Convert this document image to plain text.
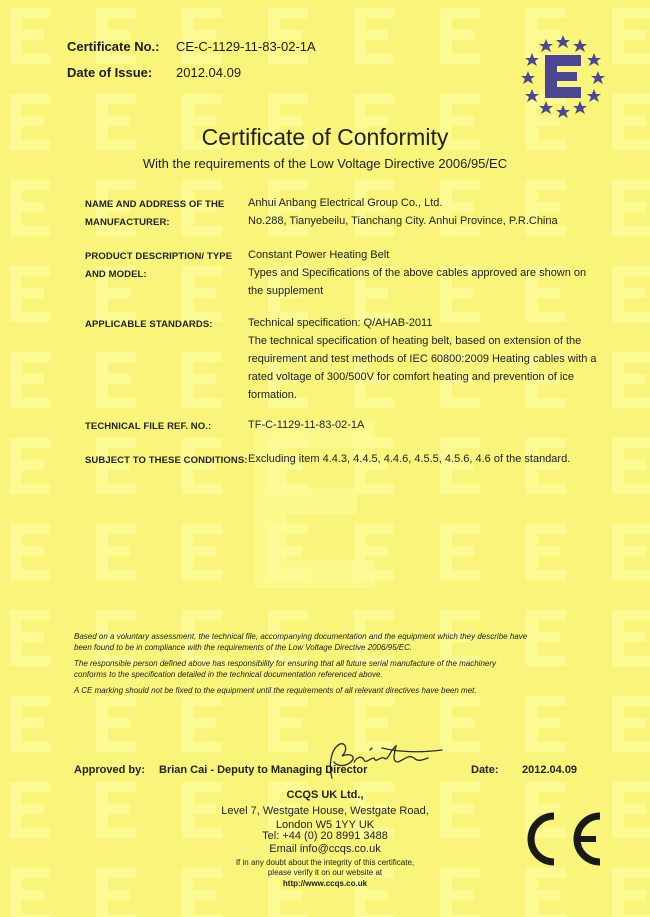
Certificate No.: CE-C-1129-11-83-02-1A
Date of Issue: 2012.04.09
Certificate of Conformity
With the requirements of the Low Voltage Directive 2006/95/EC
NAME AND ADDRESS OF THE
MANUFACTURER:
Anhui Anbang Electrical Group Co., Ltd.
No.288, Tianyebeilu, Tianchang City. Anhui Province, P.R.China
PRODUCT DESCRIPTION/ TYPE
AND MODEL:
Constant Power Heating Belt
Types and Specifications of the above cables approved are shown on
the supplement
APPLICABLE STANDARDS:	Technical specification: Q/AHAB-2011
The technical specification of heating belt, based on extension of the
requirement and test methods of IEC 60800:2009 Heating cables with a
rated voltage of 300/500V for comfort heating and prevention of ice
formation.
TECHNICAL FILE REF. NO.:	TF-C-1129-11-83-02-1A
SUBJECT TO THESE CONDITIONS: Excluding item 4.4.3, 4.4.5, 4.4.6, 4.5.5, 4.5.6, 4.6 of the standard.
Based on a voluntary assessment, the technical file, accompanying documentation and the equipment which they describe have
been found to be in compliance with the requirements of the Low Voltage Directive 2006/95/EC.
The responsible person defined above has responsibility for ensuring that all future serial manufacture of the machinery
conforms to the specification detailed in the technical documentation referenced above.
A CE marking should not be fixed to the equipment until the requirements of all relevant directives have been met.
Approved by: Brian Cai - Deputy to Managing Director	Date: 2012.04.09
CCQS UK Ltd.,
Level 7, Westgate House, Westgate Road,
London W5 1YY UK
Tel: +44 (0) 20 8991 3488
Email info@ccqs.co.uk
If in any doubt about the integrity of this certificate,
please verify it on our website at
http://www.ccqs.co.uk
